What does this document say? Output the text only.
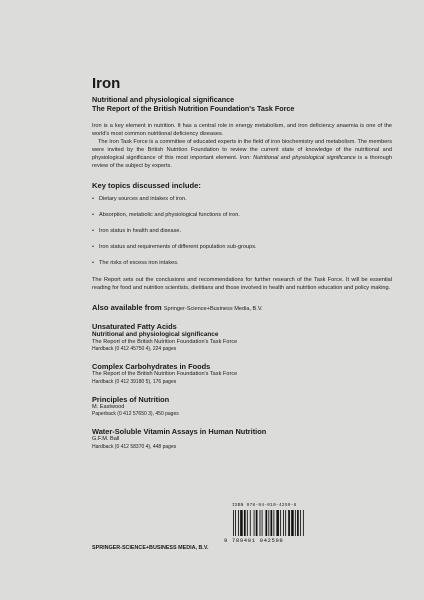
Iron
Nutritional and physiological significance
The Report of the British Nutrition Foundation's Task Force

Iron is a key element in nutrition. It has a central role in energy metabolism, and iron deficiency anaemia is one of the world's most common nutritional deficiency diseases.

The Iron Task Force is a committee of educated experts in the field of iron biochemistry and metabolism. The members were invited by the British Nutrition Foundation to review the current state of knowledge of the nutritional and physiological significance of this most important element. Iron: Nutritional and physiological significance is a thorough review of the subject by experts.

Key topics discussed include:
• Dietary sources and intakes of iron.
• Absorption, metabolic and physiological functions of iron.
• Iron status in health and disease.
• Iron status and requirements of different population sub-groups.
• The risks of excess iron intakes.

The Report sets out the conclusions and recommendations for further research of the Task Force. It will be essential reading for food and nutrition scientists, dietitians and those involved in health and nutrition education and policy making.

Also available from Springer-Science+Business Media, B.V.
Unsaturated Fatty Acids
Nutritional and physiological significance
The Report of the British Nutrition Foundation's Task Force
Hardback (0 412 45750 4), 224 pages
Complex Carbohydrates in Foods
The Report of the British Nutrition Foundation's Task Force
Hardback (0 412 39180 5), 176 pages
Principles of Nutrition
M. Eastwood
Paperback (0 412 57650 3), 450 pages
Water-Soluble Vitamin Assays in Human Nutrition
G.F.M. Ball
Hardback (0 412 58370 4), 448 pages
ISBN 978-94-010-4259-8
9 789401 042598
SPRINGER-SCIENCE+BUSINESS MEDIA, B.V.
